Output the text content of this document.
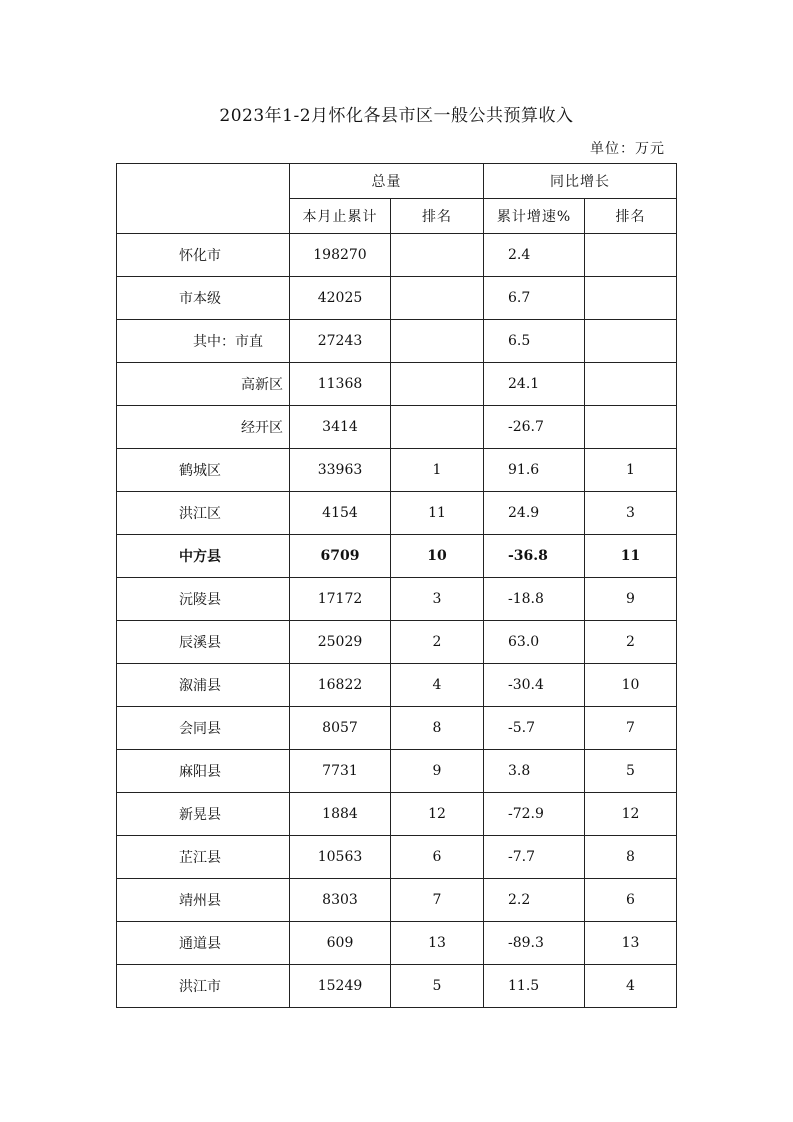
2023年1-2月怀化各县市区一般公共预算收入
单位：万元
	总量		同比增长	
	本月止累计	排名	累计增速%	排名
怀化市	198270		2.4	
市本级	42025		6.7	
其中：市直	27243		6.5	
高新区	11368		24.1	
经开区	3414		-26.7	
鹤城区	33963	1	91.6	1
洪江区	4154	11	24.9	3
中方县	6709	10	-36.8	11
沅陵县	17172	3	-18.8	9
辰溪县	25029	2	63.0	2
溆浦县	16822	4	-30.4	10
会同县	8057	8	-5.7	7
麻阳县	7731	9	3.8	5
新晃县	1884	12	-72.9	12
芷江县	10563	6	-7.7	8
靖州县	8303	7	2.2	6
通道县	609	13	-89.3	13
洪江市	15249	5	11.5	4
